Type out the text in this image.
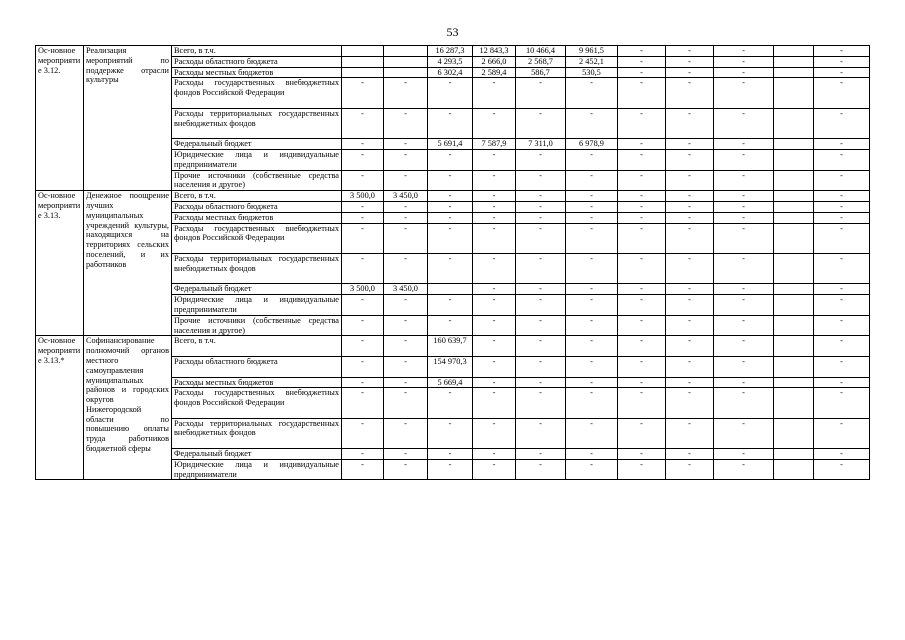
53
Ос-новное мероприятие 3.12.	Реализация мероприятий по поддержке отрасли культуры	Всего, в т.ч.			16 287,3	12 843,3	10 466,4	9 961,5	-	-	-		-
		Расходы областного бюджета			4 293,5	2 666,0	2 568,7	2 452,1	-	-	-		-
		Расходы местных бюджетов			6 302,4	2 589,4	586,7	530,5	-	-	-		-
		Расходы государственных внебюджетных фондов Российской Федерации	-	-	-	-	-	-	-	-	-		-
		Расходы территориальных государственных внебюджетных фондов	-	-	-	-	-	-	-	-	-		-
		Федеральный бюджет	-	-	5 691,4	7 587,9	7 311,0	6 978,9	-	-	-		-
		Юридические лица и индивидуальные предприниматели	-	-	-	-	-	-	-	-	-		-
		Прочие источники (собственные средства населения и другое)	-	-	-	-	-	-	-	-	-		-
Ос-новное мероприятие 3.13.	Денежное поощрение лучших муниципальных учреждений культуры, находящихся на территориях сельских поселений, и их работников	Всего, в т.ч.	3 500,0	3 450,0	-	-	-	-	-	-	-		-
		Расходы областного бюджета	-	-	-	-	-	-	-	-	-		-
		Расходы местных бюджетов	-	-	-	-	-	-	-	-	-		-
		Расходы государственных внебюджетных фондов Российской Федерации	-	-	-	-	-	-	-	-	-		-
		Расходы территориальных государственных внебюджетных фондов	-	-	-	-	-	-	-	-	-		-
		Федеральный бюджет	3 500,0	3 450,0		-	-	-	-	-	-		-
		Юридические лица и индивидуальные предприниматели	-	-	-	-	-	-	-	-	-		-
		Прочие источники (собственные средства населения и другое)	-	-	-	-	-	-	-	-	-		-
Ос-новное мероприятие 3.13.*	Софинансирование полномочий органов местного самоуправления муниципальных районов и городских округов Нижегородской области по повышению оплаты труда работников бюджетной сферы	Всего, в т.ч.	-	-	160 639,7	-	-	-	-	-	-		-
		Расходы областного бюджета	-	-	154 970,3	-	-	-	-	-	-		-
		Расходы местных бюджетов	-	-	5 669,4	-	-	-	-	-	-		-
		Расходы государственных внебюджетных фондов Российской Федерации	-	-	-	-	-	-	-	-	-		-
		Расходы территориальных государственных внебюджетных фондов	-	-	-	-	-	-	-	-	-		-
		Федеральный бюджет	-	-	-	-	-	-	-	-	-		-
		Юридические лица и индивидуальные предприниматели	-	-	-	-	-	-	-	-	-		-
